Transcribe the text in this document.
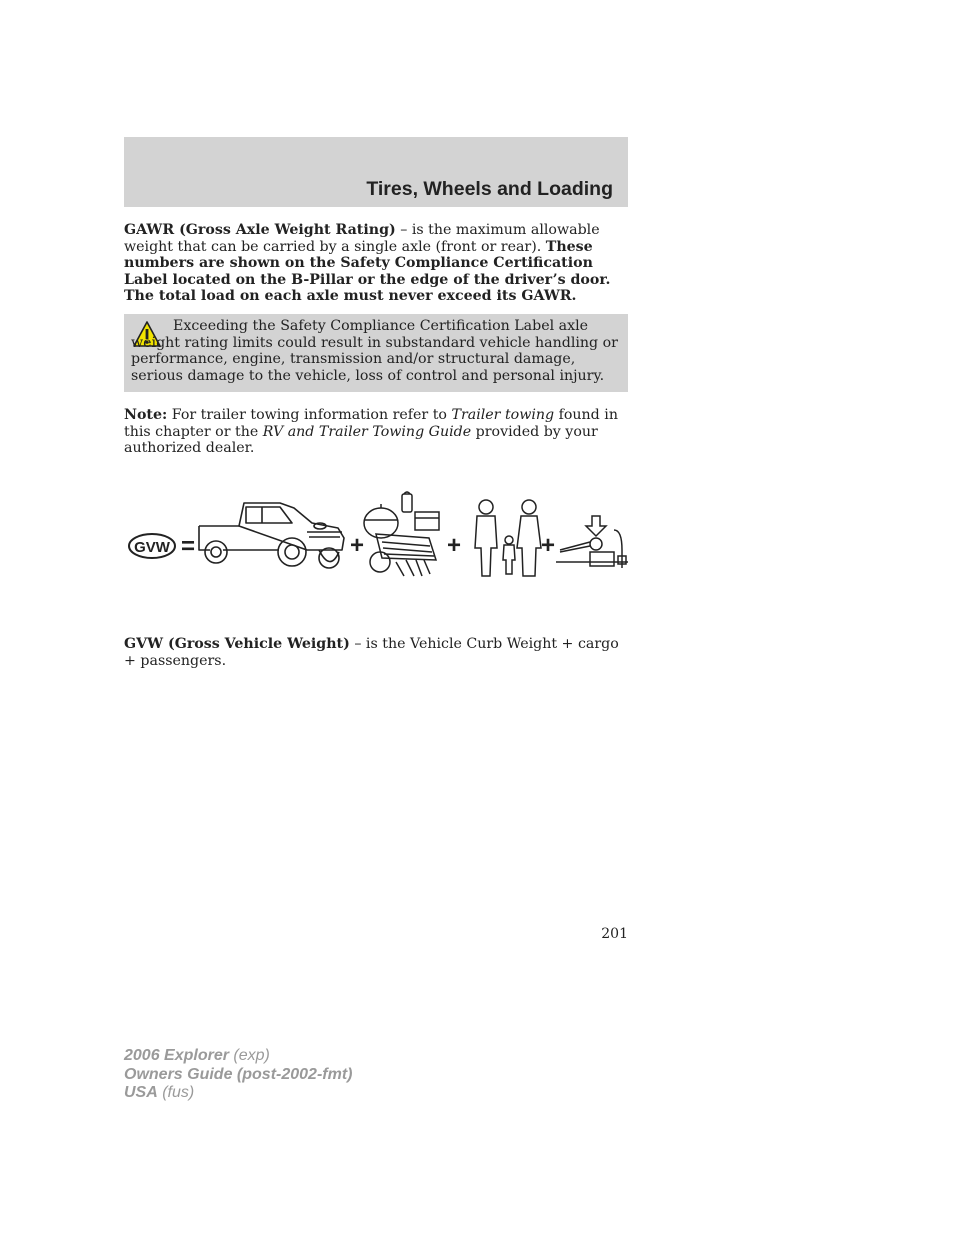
Tires, Wheels and Loading

GAWR (Gross Axle Weight Rating) – is the maximum allowable weight that can be carried by a single axle (front or rear). These numbers are shown on the Safety Compliance Certification Label located on the B-Pillar or the edge of the driver’s door. The total load on each axle must never exceed its GAWR.

Exceeding the Safety Compliance Certification Label axle weight rating limits could result in substandard vehicle handling or performance, engine, transmission and/or structural damage, serious damage to the vehicle, loss of control and personal injury.

Note: For trailer towing information refer to Trailer towing found in this chapter or the RV and Trailer Towing Guide provided by your authorized dealer.

GVW =	+	+	+

GVW (Gross Vehicle Weight) – is the Vehicle Curb Weight + cargo + passengers.

201

2006 Explorer (exp)
Owners Guide (post-2002-fmt)
USA (fus)
